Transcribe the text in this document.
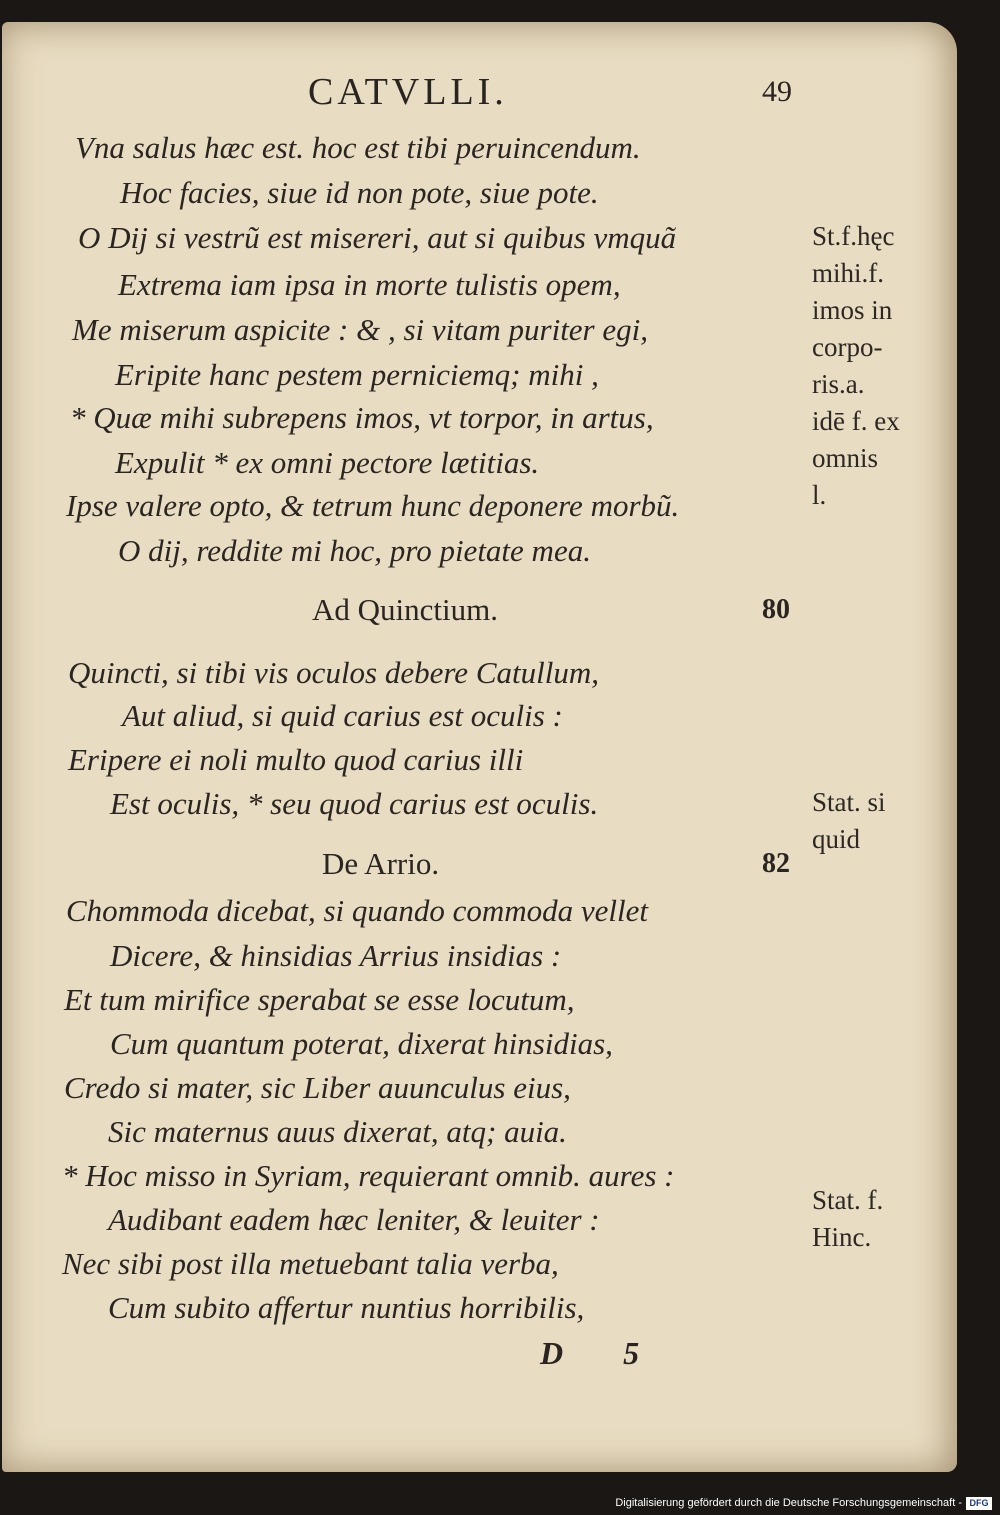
CATVLLI.	49
Vna salus hæc est. hoc est tibi peruincendum.
Hoc facies, siue id non pote, siue pote.
O Dij si vestrũ est misereri, aut si quibus vmquã
Extrema iam ipsa in morte tulistis opem,
Me miserum aspicite : & , si vitam puriter egi,
Eripite hanc pestem perniciemq; mihi ,
* Quæ mihi subrepens imos, vt torpor, in artus,
Expulit * ex omni pectore lætitias.
Ipse valere opto, & tetrum hunc deponere morbũ.
O dij, reddite mi hoc, pro pietate mea.
Ad Quinctium.	80
Quincti, si tibi vis oculos debere Catullum,
Aut aliud, si quid carius est oculis :
Eripere ei noli multo quod carius illi
Est oculis, * seu quod carius est oculis.
De Arrio.	82
Chommoda dicebat, si quando commoda vellet
Dicere, & hinsidias Arrius insidias :
Et tum mirifice sperabat se esse locutum,
Cum quantum poterat, dixerat hinsidias,
Credo si mater, sic Liber auunculus eius,
Sic maternus auus dixerat, atq; auia.
* Hoc misso in Syriam, requierant omnib. aures :
Audibant eadem hæc leniter, & leuiter :
Nec sibi post illa metuebant talia verba,
Cum subito affertur nuntius horribilis,
St.f.hęc
mihi.f.
imos in
corpo-
ris.a.
idē f. ex
omnis
l.
Stat. si
quid
Stat. f.
Hinc.
D 5
Digitalisierung gefördert durch die Deutsche Forschungsgemeinschaft - DFG
